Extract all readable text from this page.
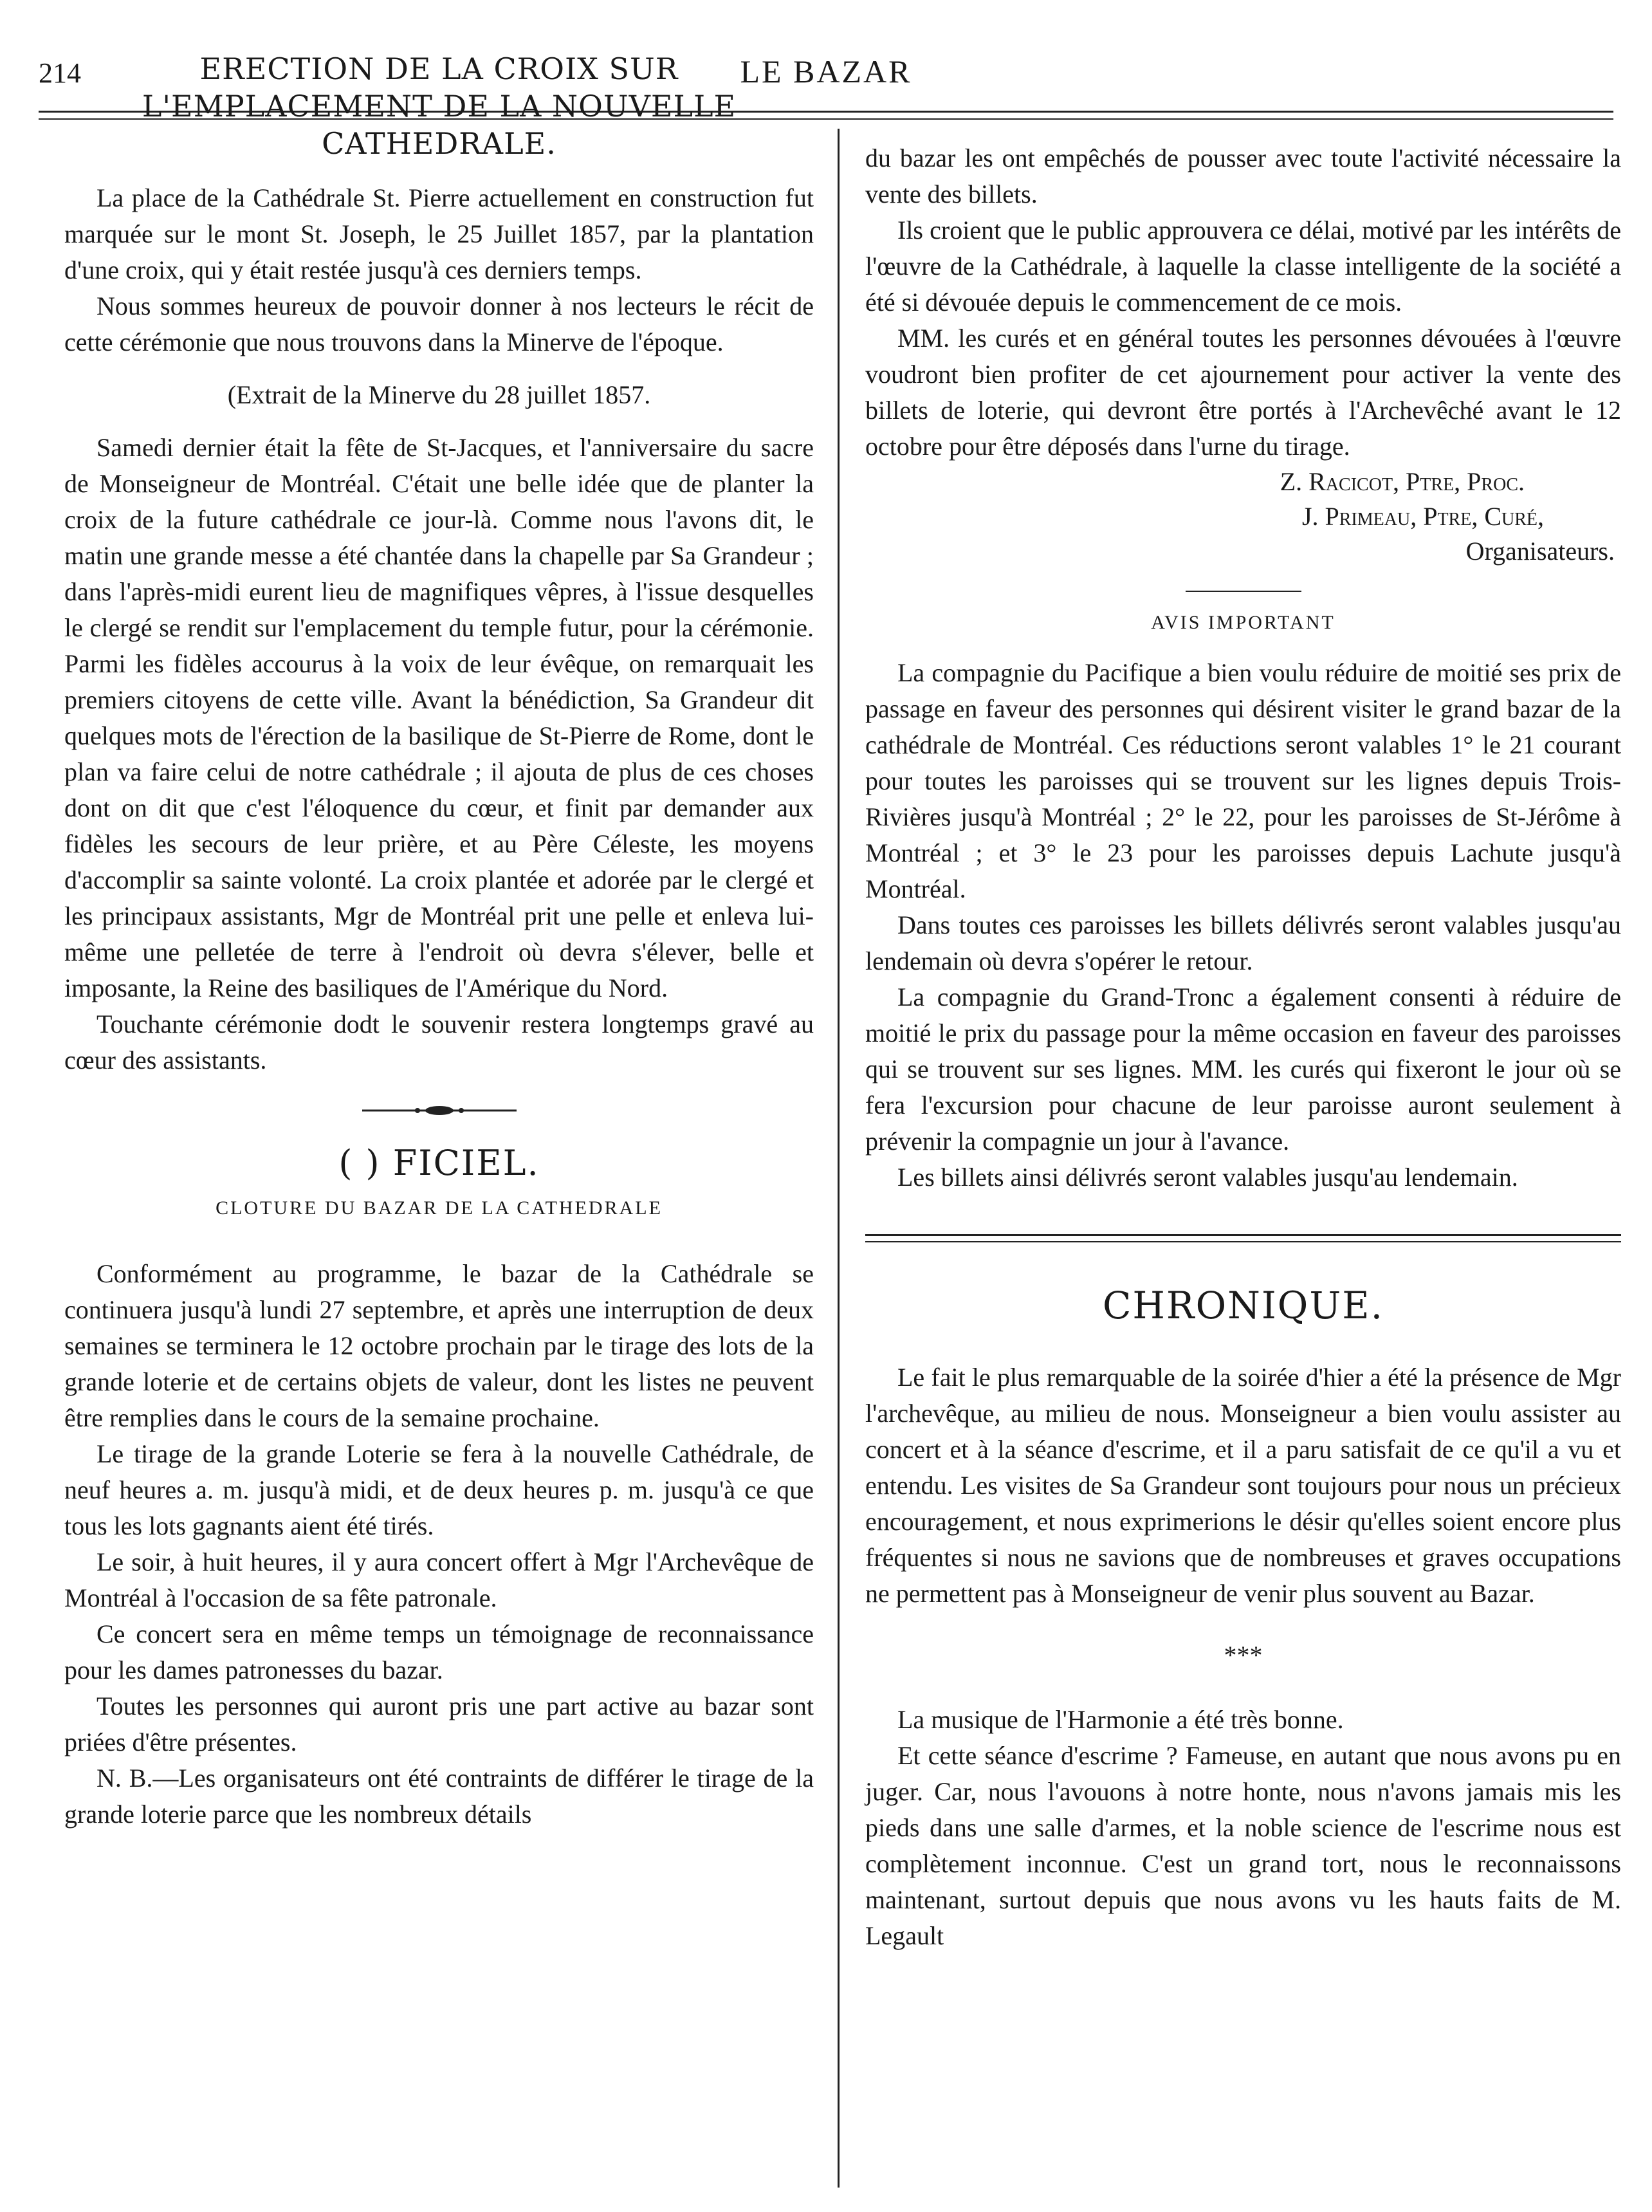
214	LE BAZAR
ERECTION DE LA CROIX SUR L'EMPLACEMENT DE LA NOUVELLE CATHEDRALE.

La place de la Cathédrale St. Pierre actuellement en construction fut marquée sur le mont St. Joseph, le 25 Juillet 1857, par la plantation d'une croix, qui y était restée jusqu'à ces derniers temps.

Nous sommes heureux de pouvoir donner à nos lecteurs le récit de cette cérémonie que nous trouvons dans la Minerve de l'époque.

(Extrait de la Minerve du 28 juillet 1857.

Samedi dernier était la fête de St-Jacques, et l'anniversaire du sacre de Monseigneur de Montréal. C'était une belle idée que de planter la croix de la future cathédrale ce jour-là. Comme nous l'avons dit, le matin une grande messe a été chantée dans la chapelle par Sa Grandeur ; dans l'après-midi eurent lieu de magnifiques vêpres, à l'issue desquelles le clergé se rendit sur l'emplacement du temple futur, pour la cérémonie. Parmi les fidèles accourus à la voix de leur évêque, on remarquait les premiers citoyens de cette ville. Avant la bénédiction, Sa Grandeur dit quelques mots de l'érection de la basilique de St-Pierre de Rome, dont le plan va faire celui de notre cathédrale ; il ajouta de plus de ces choses dont on dit que c'est l'éloquence du cœur, et finit par demander aux fidèles les secours de leur prière, et au Père Céleste, les moyens d'accomplir sa sainte volonté. La croix plantée et adorée par le clergé et les principaux assistants, Mgr de Montréal prit une pelle et enleva lui-même une pelletée de terre à l'endroit où devra s'élever, belle et imposante, la Reine des basiliques de l'Amérique du Nord.

Touchante cérémonie dodt le souvenir restera longtemps gravé au cœur des assistants.

( ) FICIEL.
CLOTURE DU BAZAR DE LA CATHEDRALE

Conformément au programme, le bazar de la Cathédrale se continuera jusqu'à lundi 27 septembre, et après une interruption de deux semaines se terminera le 12 octobre prochain par le tirage des lots de la grande loterie et de certains objets de valeur, dont les listes ne peuvent être remplies dans le cours de la semaine prochaine.

Le tirage de la grande Loterie se fera à la nouvelle Cathédrale, de neuf heures a. m. jusqu'à midi, et de deux heures p. m. jusqu'à ce que tous les lots gagnants aient été tirés.

Le soir, à huit heures, il y aura concert offert à Mgr l'Archevêque de Montréal à l'occasion de sa fête patronale.

Ce concert sera en même temps un témoignage de reconnaissance pour les dames patronesses du bazar.

Toutes les personnes qui auront pris une part active au bazar sont priées d'être présentes.

N. B.—Les organisateurs ont été contraints de différer le tirage de la grande loterie parce que les nombreux détails

du bazar les ont empêchés de pousser avec toute l'activité nécessaire la vente des billets.

Ils croient que le public approuvera ce délai, motivé par les intérêts de l'œuvre de la Cathédrale, à laquelle la classe intelligente de la société a été si dévouée depuis le commencement de ce mois.

MM. les curés et en général toutes les personnes dévouées à l'œuvre voudront bien profiter de cet ajournement pour activer la vente des billets de loterie, qui devront être portés à l'Archevêché avant le 12 octobre pour être déposés dans l'urne du tirage.

Z. Racicot, Ptre, Proc.
J. Primeau, Ptre, Curé,
Organisateurs.
AVIS IMPORTANT

La compagnie du Pacifique a bien voulu réduire de moitié ses prix de passage en faveur des personnes qui désirent visiter le grand bazar de la cathédrale de Montréal. Ces réductions seront valables 1° le 21 courant pour toutes les paroisses qui se trouvent sur les lignes depuis Trois-Rivières jusqu'à Montréal ; 2° le 22, pour les paroisses de St-Jérôme à Montréal ; et 3° le 23 pour les paroisses depuis Lachute jusqu'à Montréal.

Dans toutes ces paroisses les billets délivrés seront valables jusqu'au lendemain où devra s'opérer le retour.

La compagnie du Grand-Tronc a également consenti à réduire de moitié le prix du passage pour la même occasion en faveur des paroisses qui se trouvent sur ses lignes. MM. les curés qui fixeront le jour où se fera l'excursion pour chacune de leur paroisse auront seulement à prévenir la compagnie un jour à l'avance.

Les billets ainsi délivrés seront valables jusqu'au lendemain.

CHRONIQUE.

Le fait le plus remarquable de la soirée d'hier a été la présence de Mgr l'archevêque, au milieu de nous. Monseigneur a bien voulu assister au concert et à la séance d'escrime, et il a paru satisfait de ce qu'il a vu et entendu. Les visites de Sa Grandeur sont toujours pour nous un précieux encouragement, et nous exprimerions le désir qu'elles soient encore plus fréquentes si nous ne savions que de nombreuses et graves occupations ne permettent pas à Monseigneur de venir plus souvent au Bazar.

***

La musique de l'Harmonie a été très bonne.

Et cette séance d'escrime ? Fameuse, en autant que nous avons pu en juger. Car, nous l'avouons à notre honte, nous n'avons jamais mis les pieds dans une salle d'armes, et la noble science de l'escrime nous est complètement inconnue. C'est un grand tort, nous le reconnaissons maintenant, surtout depuis que nous avons vu les hauts faits de M. Legault
